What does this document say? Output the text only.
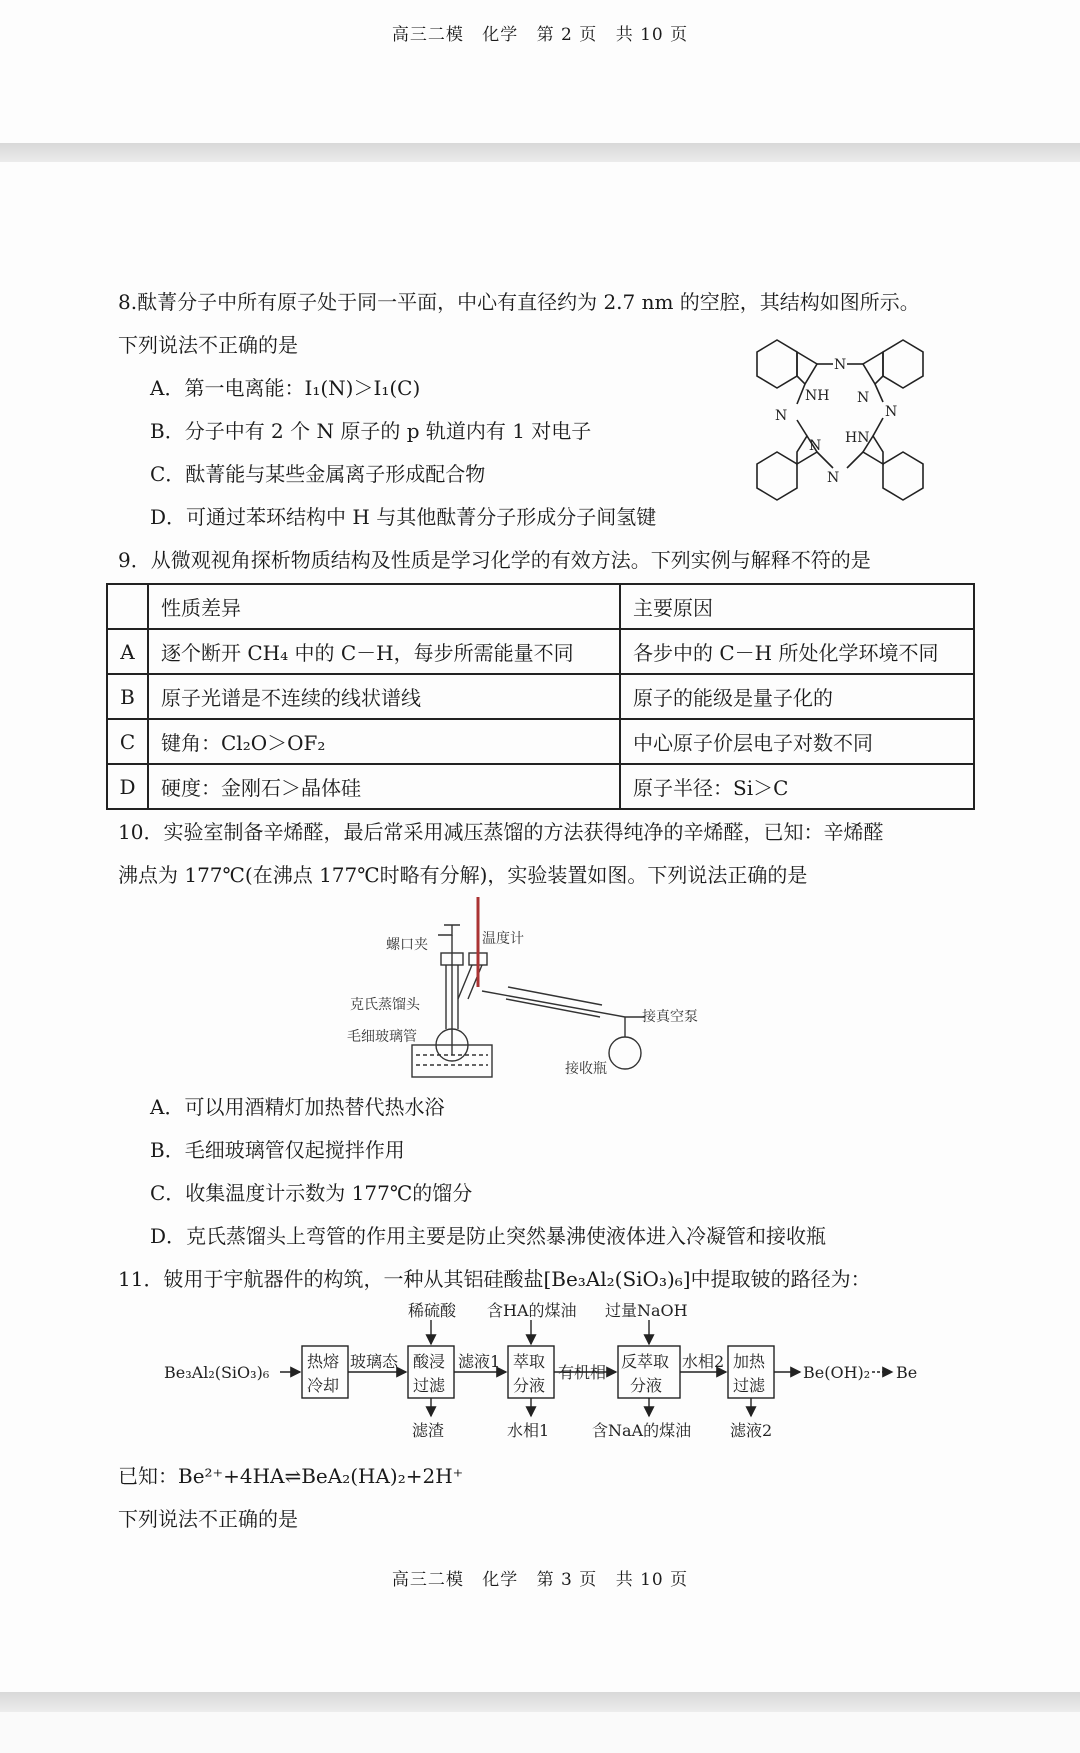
高三二模 化学 第 2 页 共 10 页
8.酞菁分子中所有原子处于同一平面，中心有直径约为 2.7 nm 的空腔，其结构如图所示。
下列说法不正确的是
A．第一电离能：I₁(N)＞I₁(C)
B．分子中有 2 个 N 原子的 p 轨道内有 1 对电子
C．酞菁能与某些金属离子形成配合物
D．可通过苯环结构中 H 与其他酞菁分子形成分子间氢键
N
NH N
N
N
HN
N
N
9．从微观视角探析物质结构及性质是学习化学的有效方法。下列实例与解释不符的是
	性质差异	主要原因
A	逐个断开 CH₄ 中的 C－H，每步所需能量不同	各步中的 C－H 所处化学环境不同
B	原子光谱是不连续的线状谱线	原子的能级是量子化的
C	键角：Cl₂O＞OF₂	中心原子价层电子对数不同
D	硬度：金刚石＞晶体硅	原子半径：Si＞C
10．实验室制备辛烯醛，最后常采用减压蒸馏的方法获得纯净的辛烯醛，已知：辛烯醛
沸点为 177℃(在沸点 177℃时略有分解)，实验装置如图。下列说法正确的是
螺口夹	温度计
克氏蒸馏头
毛细玻璃管
接真空泵
接收瓶
A．可以用酒精灯加热替代热水浴
B．毛细玻璃管仅起搅拌作用
C．收集温度计示数为 177℃的馏分
D．克氏蒸馏头上弯管的作用主要是防止突然暴沸使液体进入冷凝管和接收瓶
11．铍用于宇航器件的构筑，一种从其铝硅酸盐[Be₃Al₂(SiO₃)₆]中提取铍的路径为：
Be₃Al₂(SiO₃)₆
热熔
冷却
玻璃态 酸浸
过滤
稀硫酸
滤渣
滤液1 萃取
分液
含HA的煤油
水相1
有机相
反萃取
分液
过量NaOH
含NaA的煤油
水相2 加热
过滤
滤液2
Be(OH)₂ Be
已知：Be²⁺+4HA⇌BeA₂(HA)₂+2H⁺
下列说法不正确的是
高三二模 化学 第 3 页 共 10 页
